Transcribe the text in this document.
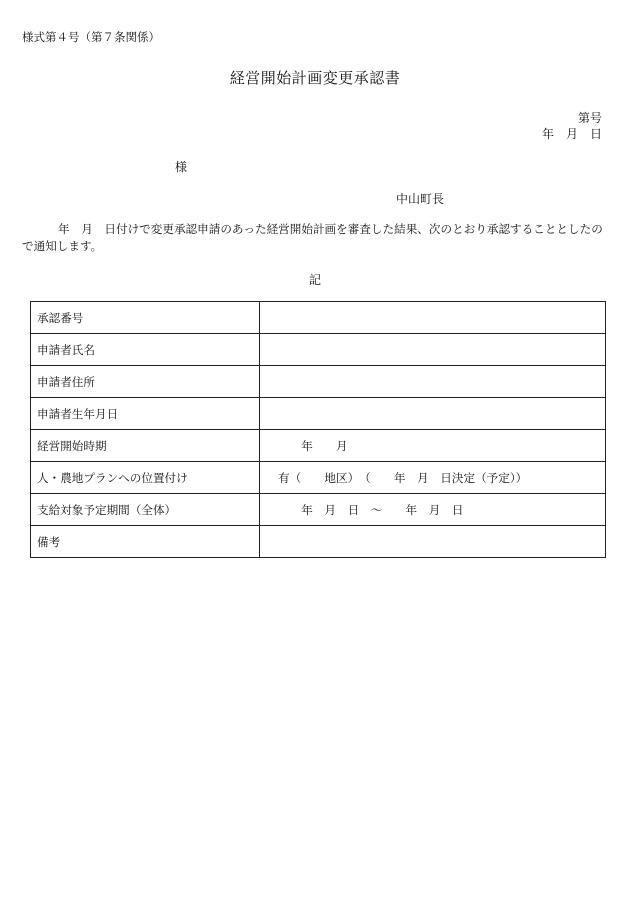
様式第４号（第７条関係）
経営開始計画変更承認書
第号
年　月　日
様
中山町長
年　月　日付けで変更承認申請のあった経営開始計画を審査した結果、次のとおり承認することとしたので通知します。
記
承認番号	
申請者氏名	
申請者住所	
申請者生年月日	
経営開始時期	　　年　　月
人・農地プランへの位置付け	有（　　地区）　（　　年　月　日決定（予定））
支給対象予定期間（全体）	　　年　月　日　～　　年　月　日
備考	
